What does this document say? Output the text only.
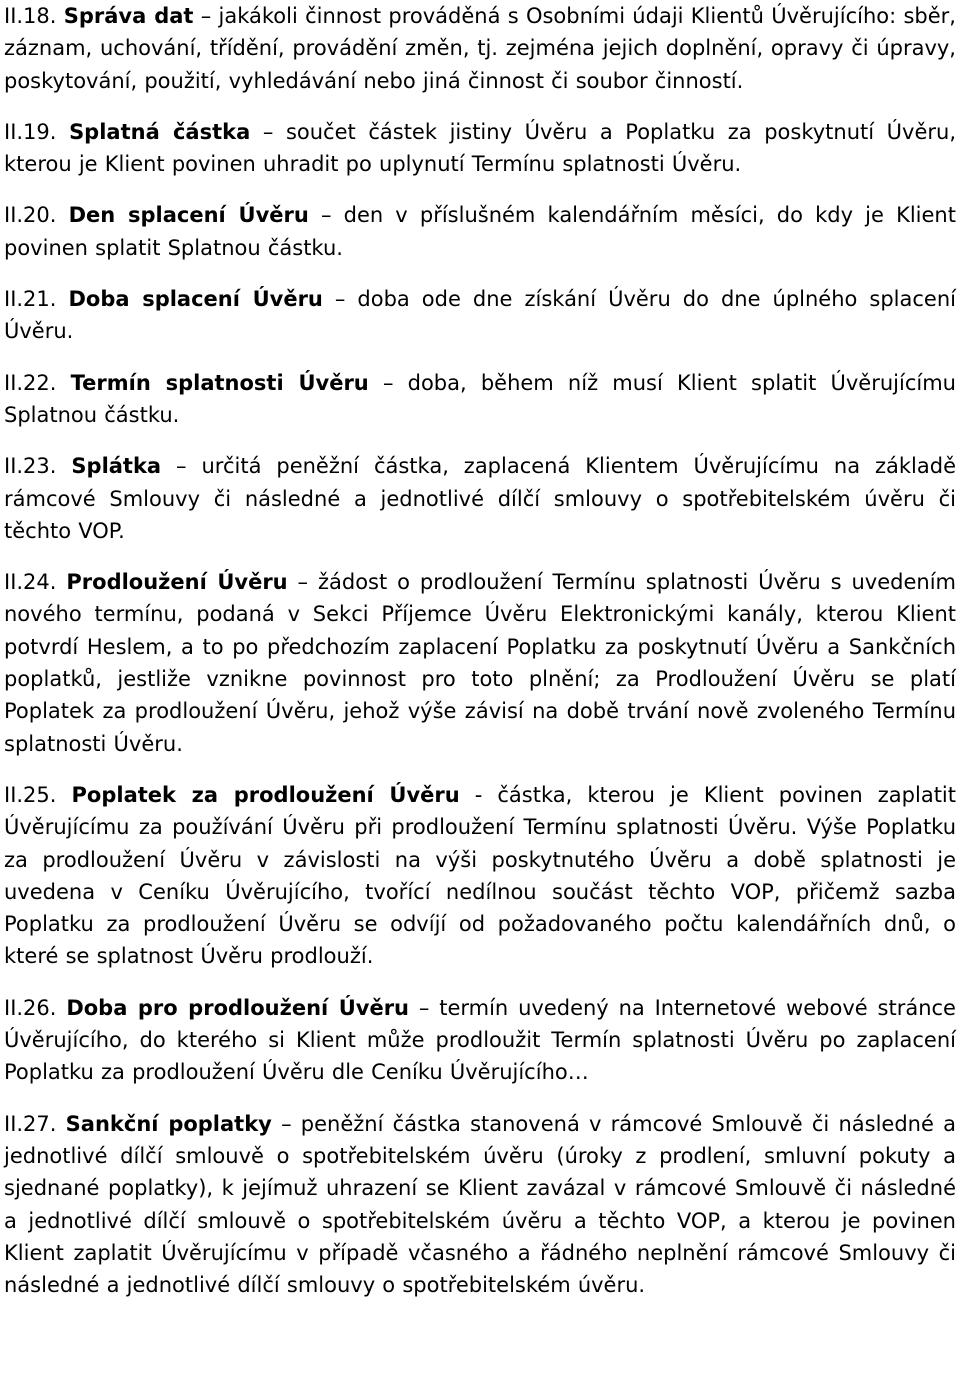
II.18. Správa dat – jakákoli činnost prováděná s Osobními údaji Klientů Úvěrujícího: sběr, záznam, uchování, třídění, provádění změn, tj. zejména jejich doplnění, opravy či úpravy, poskytování, použití, vyhledávání nebo jiná činnost či soubor činností.

II.19. Splatná částka – součet částek jistiny Úvěru a Poplatku za poskytnutí Úvěru, kterou je Klient povinen uhradit po uplynutí Termínu splatnosti Úvěru.

II.20. Den splacení Úvěru – den v příslušném kalendářním měsíci, do kdy je Klient povinen splatit Splatnou částku.

II.21. Doba splacení Úvěru – doba ode dne získání Úvěru do dne úplného splacení Úvěru.

II.22. Termín splatnosti Úvěru – doba, během níž musí Klient splatit Úvěrujícímu Splatnou částku.

II.23. Splátka – určitá peněžní částka, zaplacená Klientem Úvěrujícímu na základě rámcové Smlouvy či následné a jednotlivé dílčí smlouvy o spotřebitelském úvěru či těchto VOP.

II.24. Prodloužení Úvěru – žádost o prodloužení Termínu splatnosti Úvěru s uvedením nového termínu, podaná v Sekci Příjemce Úvěru Elektronickými kanály, kterou Klient potvrdí Heslem, a to po předchozím zaplacení Poplatku za poskytnutí Úvěru a Sankčních poplatků, jestliže vznikne povinnost pro toto plnění; za Prodloužení Úvěru se platí Poplatek za prodloužení Úvěru, jehož výše závisí na době trvání nově zvoleného Termínu splatnosti Úvěru.

II.25. Poplatek za prodloužení Úvěru - částka, kterou je Klient povinen zaplatit Úvěrujícímu za používání Úvěru při prodloužení Termínu splatnosti Úvěru. Výše Poplatku za prodloužení Úvěru v závislosti na výši poskytnutého Úvěru a době splatnosti je uvedena v Ceníku Úvěrujícího, tvořící nedílnou součást těchto VOP, přičemž sazba Poplatku za prodloužení Úvěru se odvíjí od požadovaného počtu kalendářních dnů, o které se splatnost Úvěru prodlouží.

II.26. Doba pro prodloužení Úvěru – termín uvedený na Internetové webové stránce Úvěrujícího, do kterého si Klient může prodloužit Termín splatnosti Úvěru po zaplacení Poplatku za prodloužení Úvěru dle Ceníku Úvěrujícího…

II.27. Sankční poplatky – peněžní částka stanovená v rámcové Smlouvě či následné a jednotlivé dílčí smlouvě o spotřebitelském úvěru (úroky z prodlení, smluvní pokuty a sjednané poplatky), k jejímuž uhrazení se Klient zavázal v rámcové Smlouvě či následné a jednotlivé dílčí smlouvě o spotřebitelském úvěru a těchto VOP, a kterou je povinen Klient zaplatit Úvěrujícímu v případě včasného a řádného neplnění rámcové Smlouvy či následné a jednotlivé dílčí smlouvy o spotřebitelském úvěru.
